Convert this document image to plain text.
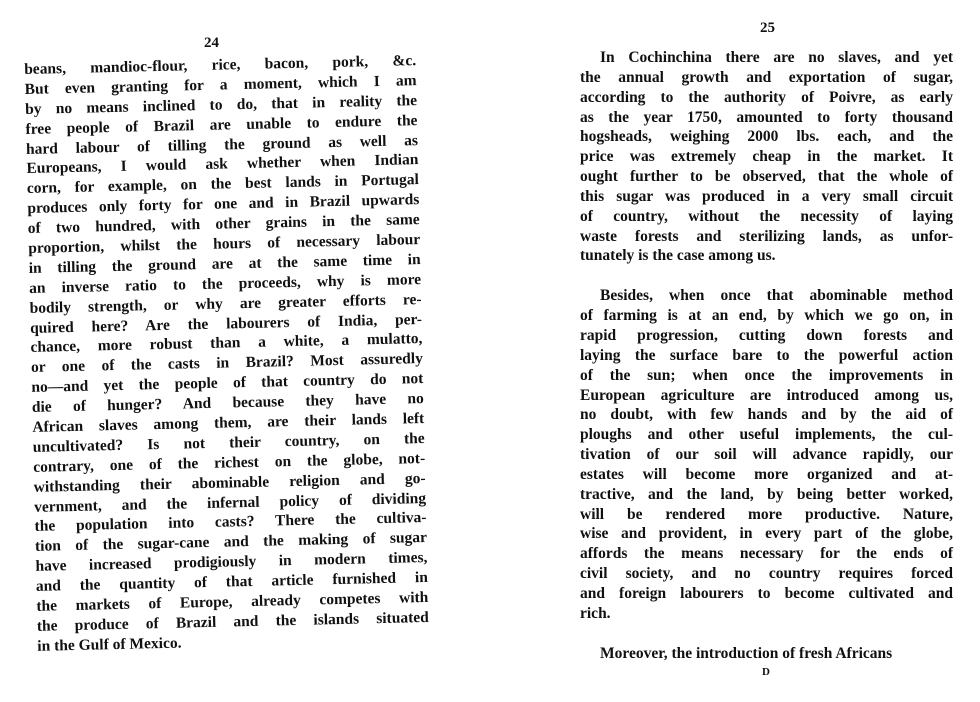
24
beans, mandioc-flour, rice, bacon, pork, &c.
But even granting for a moment, which I am
by no means inclined to do, that in reality the
free people of Brazil are unable to endure the
hard labour of tilling the ground as well as
Europeans, I would ask whether when Indian
corn, for example, on the best lands in Portugal
produces only forty for one and in Brazil upwards
of two hundred, with other grains in the same
proportion, whilst the hours of necessary labour
in tilling the ground are at the same time in
an inverse ratio to the proceeds, why is more
bodily strength, or why are greater efforts re-
quired here? Are the labourers of India, per-
chance, more robust than a white, a mulatto,
or one of the casts in Brazil? Most assuredly
no—and yet the people of that country do not
die of hunger? And because they have no
African slaves among them, are their lands left
uncultivated? Is not their country, on the
contrary, one of the richest on the globe, not-
withstanding their abominable religion and go-
vernment, and the infernal policy of dividing
the population into casts? There the cultiva-
tion of the sugar-cane and the making of sugar
have increased prodigiously in modern times,
and the quantity of that article furnished in
the markets of Europe, already competes with
the produce of Brazil and the islands situated
in the Gulf of Mexico.
25
In Cochinchina there are no slaves, and yet
the annual growth and exportation of sugar,
according to the authority of Poivre, as early
as the year 1750, amounted to forty thousand
hogsheads, weighing 2000 lbs. each, and the
price was extremely cheap in the market. It
ought further to be observed, that the whole of
this sugar was produced in a very small circuit
of country, without the necessity of laying
waste forests and sterilizing lands, as unfor-
tunately is the case among us.
Besides, when once that abominable method
of farming is at an end, by which we go on, in
rapid progression, cutting down forests and
laying the surface bare to the powerful action
of the sun; when once the improvements in
European agriculture are introduced among us,
no doubt, with few hands and by the aid of
ploughs and other useful implements, the cul-
tivation of our soil will advance rapidly, our
estates will become more organized and at-
tractive, and the land, by being better worked,
will be rendered more productive. Nature,
wise and provident, in every part of the globe,
affords the means necessary for the ends of
civil society, and no country requires forced
and foreign labourers to become cultivated and
rich.
Moreover, the introduction of fresh Africans
D
